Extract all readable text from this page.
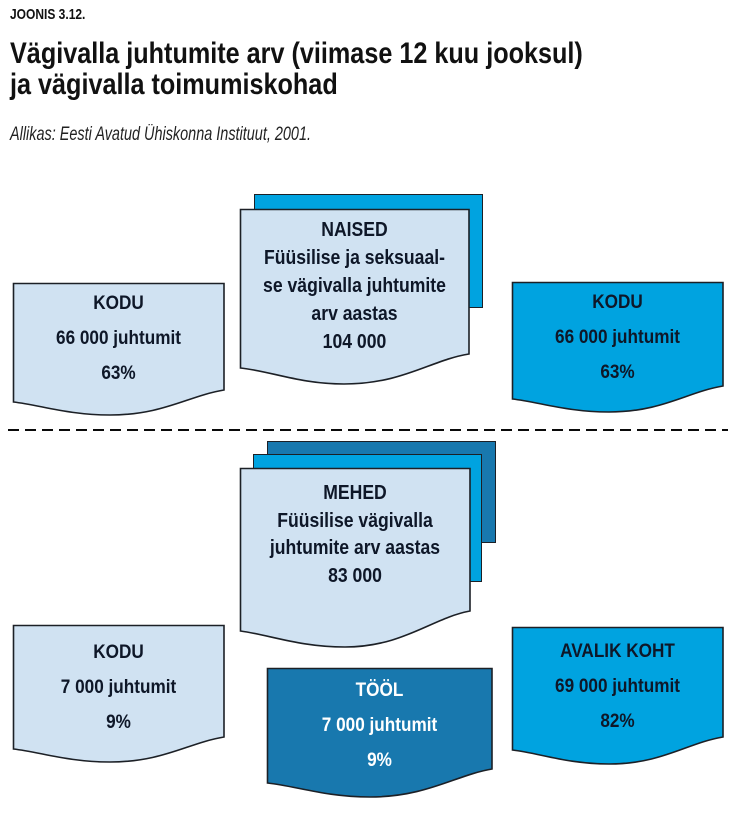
JOONIS 3.12.
Vägivalla juhtumite arv (viimase 12 kuu jooksul)
ja vägivalla toimumiskohad
Allikas: Eesti Avatud Ühiskonna Instituut, 2001.
NAISED
Füüsilise ja seksuaal-
se vägivalla juhtumite
arv aastas
104 000
KODU
66 000 juhtumit
63%
KODU
66 000 juhtumit
63%
MEHED
Füüsilise vägivalla
juhtumite arv aastas
83 000
KODU
7 000 juhtumit
9%
TÖÖL
7 000 juhtumit
9%
AVALIK KOHT
69 000 juhtumit
82%
